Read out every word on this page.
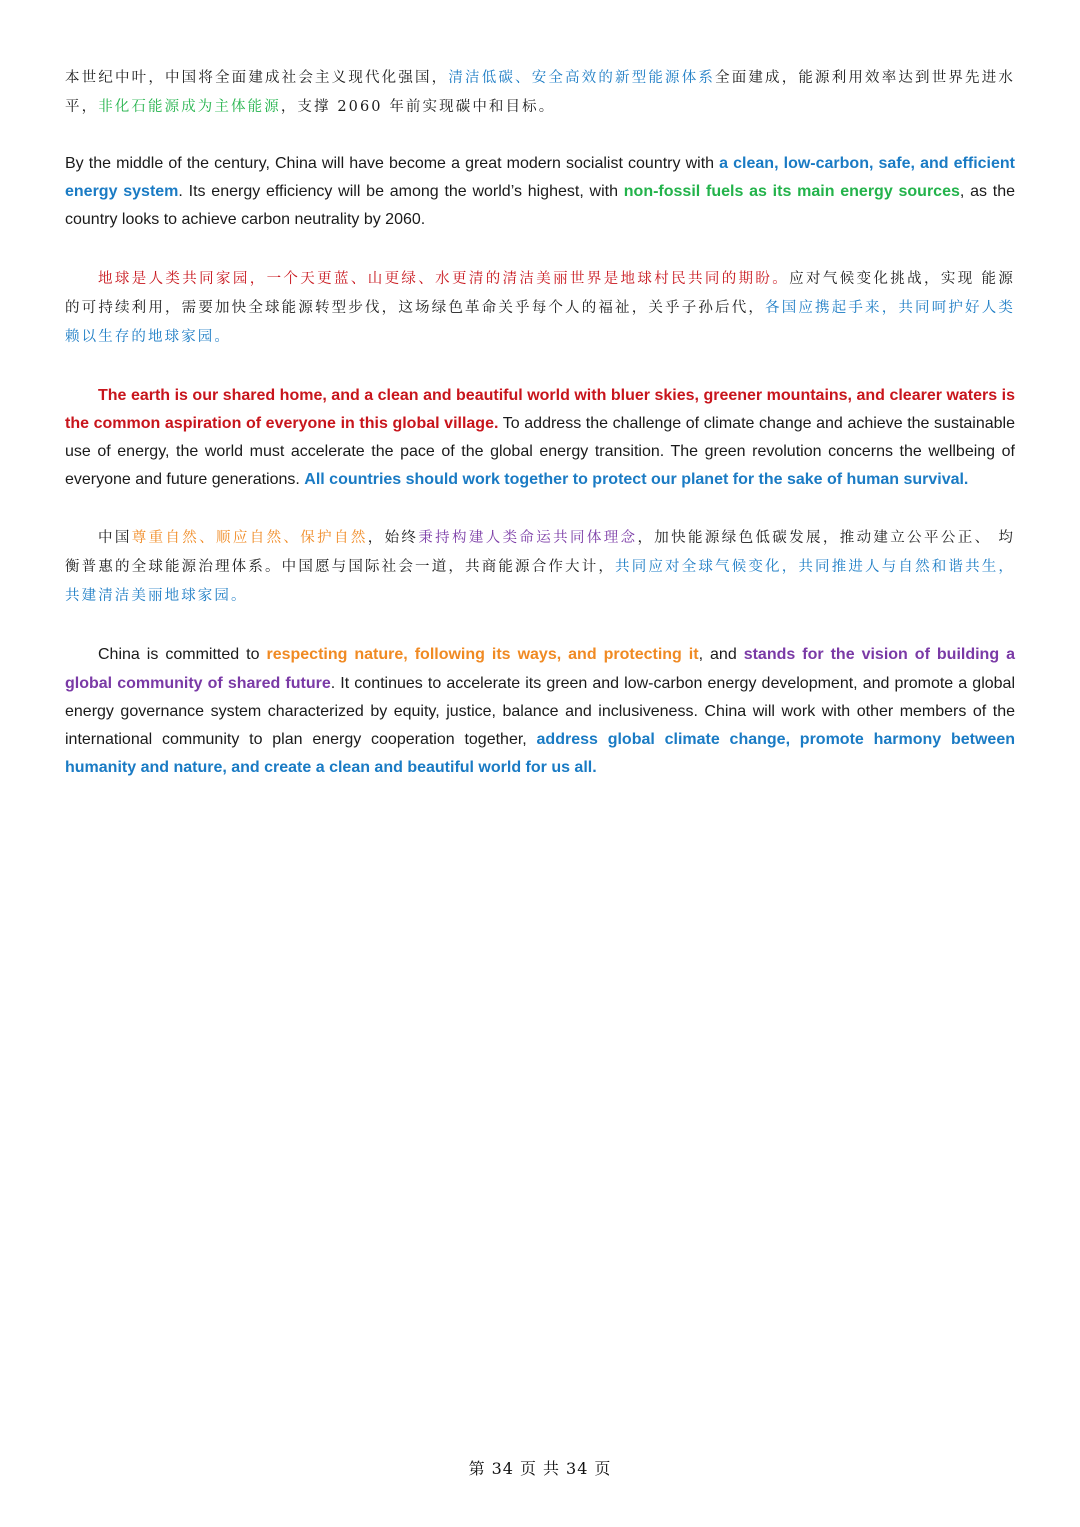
本世纪中叶，中国将全面建成社会主义现代化强国，清洁低碳、安全高效的新型能源体系全面建成，能源利用效率达到世界先进水平，非化石能源成为主体能源，支撑 2060 年前实现碳中和目标。

By the middle of the century, China will have become a great modern socialist country with a clean, low-carbon, safe, and efficient energy system. Its energy efficiency will be among the world’s highest, with non-fossil fuels as its main energy sources, as the country looks to achieve carbon neutrality by 2060.

地球是人类共同家园，一个天更蓝、山更绿、水更清的清洁美丽世界是地球村民共同的期盼。应对气候变化挑战，实现 能源的可持续利用，需要加快全球能源转型步伐，这场绿色革命关乎每个人的福祉，关乎子孙后代，各国应携起手来，共同呵护好人类赖以生存的地球家园。

The earth is our shared home, and a clean and beautiful world with bluer skies, greener mountains, and clearer waters is the common aspiration of everyone in this global village. To address the challenge of climate change and achieve the sustainable use of energy, the world must accelerate the pace of the global energy transition. The green revolution concerns the wellbeing of everyone and future generations. All countries should work together to protect our planet for the sake of human survival.

中国尊重自然、顺应自然、保护自然，始终秉持构建人类命运共同体理念，加快能源绿色低碳发展，推动建立公平公正、 均衡普惠的全球能源治理体系。中国愿与国际社会一道，共商能源合作大计，共同应对全球气候变化，共同推进人与自然和谐共生，共建清洁美丽地球家园。

China is committed to respecting nature, following its ways, and protecting it, and stands for the vision of building a global community of shared future. It continues to accelerate its green and low-carbon energy development, and promote a global energy governance system characterized by equity, justice, balance and inclusiveness. China will work with other members of the international community to plan energy cooperation together, address global climate change, promote harmony between humanity and nature, and create a clean and beautiful world for us all.

第 34 页 共 34 页
